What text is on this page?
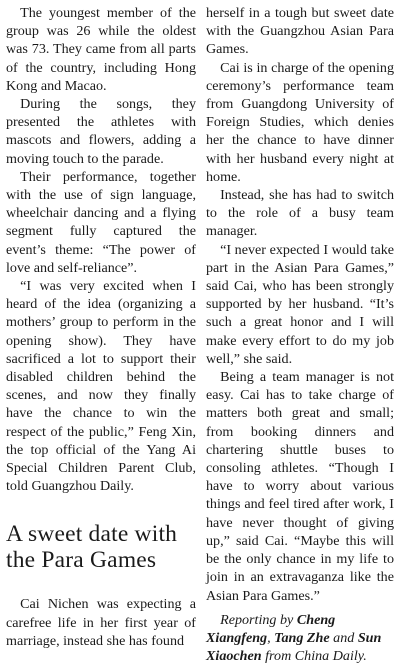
The youngest member of the group was 26 while the oldest was 73. They came from all parts of the country, including Hong Kong and Macao.

During the songs, they presented the athletes with mascots and flowers, adding a moving touch to the parade.

Their performance, together with the use of sign language, wheelchair dancing and a flying segment fully captured the event’s theme: “The power of love and self-reliance”.

“I was very excited when I heard of the idea (organizing a mothers’ group to perform in the opening show). They have sacrificed a lot to support their disabled children behind the scenes, and now they finally have the chance to win the respect of the public,” Feng Xin, the top official of the Yang Ai Special Children Parent Club, told Guangzhou Daily.

A sweet date with the Para Games

Cai Nichen was expecting a carefree life in her first year of marriage, instead she has found

herself in a tough but sweet date with the Guangzhou Asian Para Games.

Cai is in charge of the opening ceremony’s performance team from Guangdong University of Foreign Studies, which denies her the chance to have dinner with her husband every night at home.

Instead, she has had to switch to the role of a busy team manager.

“I never expected I would take part in the Asian Para Games,” said Cai, who has been strongly supported by her husband. “It’s such a great honor and I will make every effort to do my job well,” she said.

Being a team manager is not easy. Cai has to take charge of matters both great and small; from booking dinners and chartering shuttle buses to consoling athletes. “Though I have to worry about various things and feel tired after work, I have never thought of giving up,” said Cai. “Maybe this will be the only chance in my life to join in an extravaganza like the Asian Para Games.”

Reporting by Cheng Xiangfeng, Tang Zhe and Sun Xiaochen from China Daily.
